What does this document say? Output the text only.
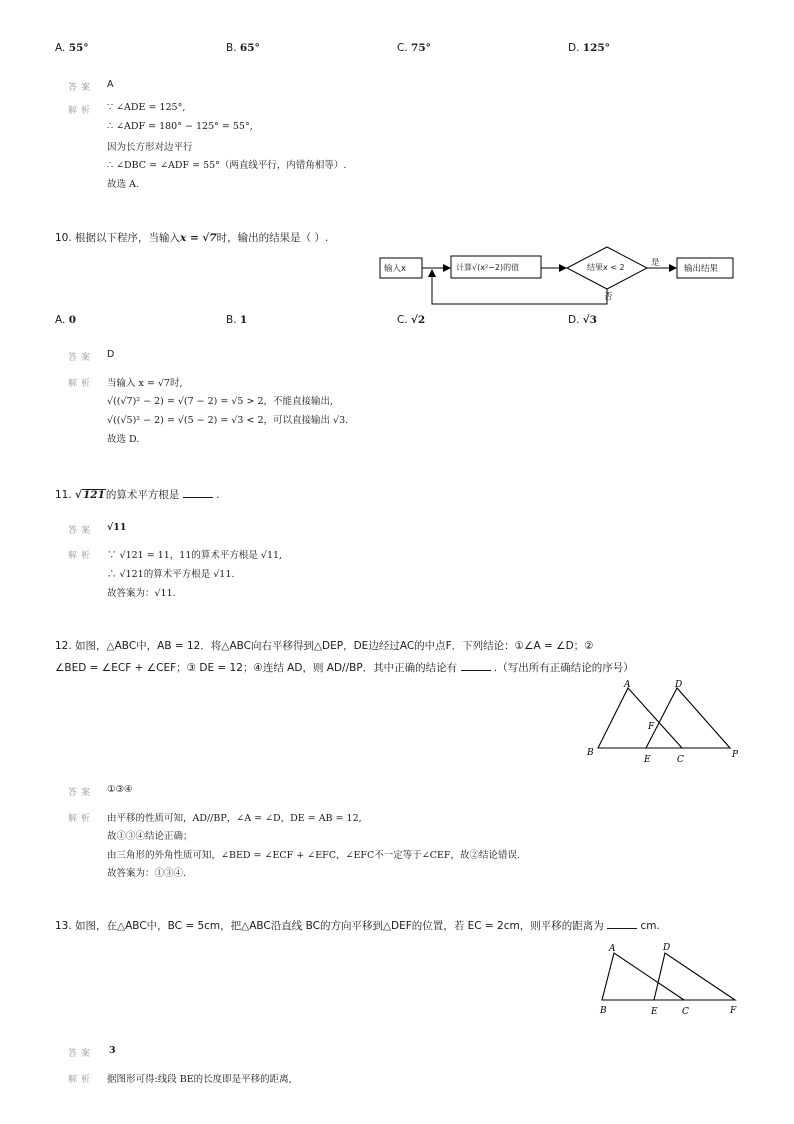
A. 55°	B. 65°	C. 75°	D. 125°
答案 A
解析 ∵ ∠ADE = 125°,
∴ ∠ADF = 180° − 125° = 55°,
因为长方形对边平行
∴ ∠DBC = ∠ADF = 55°（两直线平行，内错角相等）.
故选 A.
10. 根据以下程序，当输入x = √7时，输出的结果是（ ）.
输入x	计算√(x²−2)的值	结果x < 2	是
否
输出结果
A. 0	B. 1	C. √2	D. √3
答案 D
解析 当输入 x = √7时,
√((√7)² − 2) = √(7 − 2) = √5 > 2，不能直接输出,
√((√5)² − 2) = √(5 − 2) = √3 < 2，可以直接输出 √3.
故选 D.
11. √121的算术平方根是	.
答案 √11
解析 ∵ √121 = 11，11的算术平方根是 √11,
∴ √121的算术平方根是 √11.
故答案为：√11.
12. 如图，△ABC中，AB = 12．将△ABC向右平移得到△DEP，DE边经过AC的中点F．下列结论：①∠A = ∠D；②
∠BED = ∠ECF + ∠CEF；③ DE = 12；④连结 AD，则 AD//BP．其中正确的结论有	.（写出所有正确结论的序号）
A	D
F
B
E	C	P
答案 ①③④
解析 由平移的性质可知，AD//BP，∠A = ∠D，DE = AB = 12,
故①③④结论正确；
由三角形的外角性质可知，∠BED = ∠ECF + ∠EFC，∠EFC不一定等于∠CEF，故②结论错误.
故答案为：①③④.
13. 如图，在△ABC中，BC = 5cm，把△ABC沿直线 BC的方向平移到△DEF的位置，若 EC = 2cm，则平移的距离为	cm.
A	D
B	E	C	F
答案 3
解析 据图形可得:线段 BE的长度即是平移的距离,
